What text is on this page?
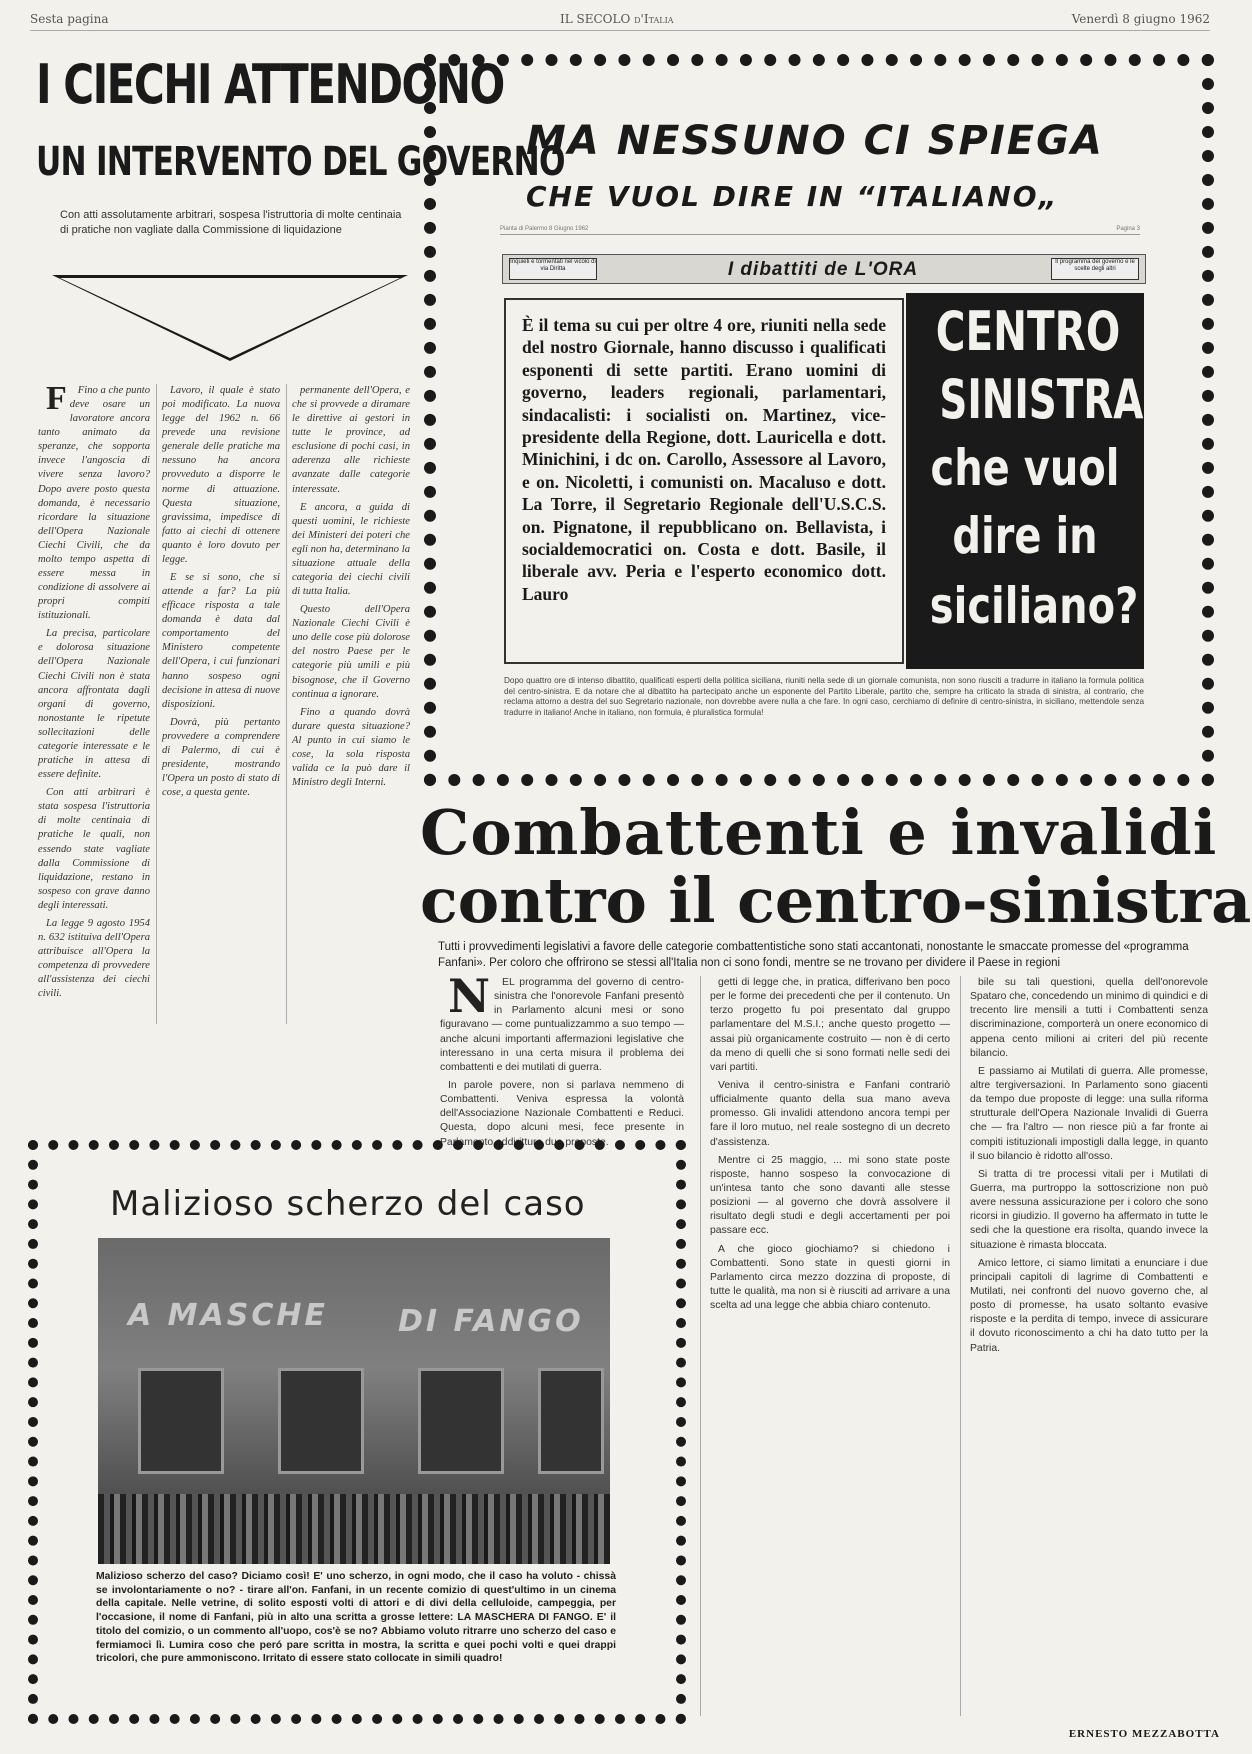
Sesta pagina	IL SECOLO d'Italia	Venerdì 8 giugno 1962
I CIECHI ATTENDONO
UN INTERVENTO DEL GOVERNO
Con atti assolutamente arbitrari, sospesa l'istruttoria di molte centinaia di pratiche non vagliate dalla Commissione di liquidazione

F Fino a che punto deve osare un lavoratore ancora tanto animato da speranze, che sopporta invece l'angoscia di vivere senza lavoro? Dopo avere posto questa domanda, è necessario ricordare la situazione dell'Opera Nazionale Ciechi Civili, che da molto tempo aspetta di essere messa in condizione di assolvere ai propri compiti istituzionali.

La precisa, particolare e dolorosa situazione dell'Opera Nazionale Ciechi Civili non è stata ancora affrontata dagli organi di governo, nonostante le ripetute sollecitazioni delle categorie interessate e le pratiche in attesa di essere definite.

Con atti arbitrari è stata sospesa l'istruttoria di molte centinaia di pratiche le quali, non essendo state vagliate dalla Commissione di liquidazione, restano in sospeso con grave danno degli interessati.

La legge 9 agosto 1954 n. 632 istituiva dell'Opera attribuisce all'Opera la competenza di provvedere all'assistenza dei ciechi civili.

Lavoro, il quale è stato poi modificato. La nuova legge del 1962 n. 66 prevede una revisione generale delle pratiche ma nessuno ha ancora provveduto a disporre le norme di attuazione. Questa situazione, gravissima, impedisce di fatto ai ciechi di ottenere quanto è loro dovuto per legge.

E se si sono, che si attende a far? La più efficace risposta a tale domanda è data dal comportamento del Ministero competente dell'Opera, i cui funzionari hanno sospeso ogni decisione in attesa di nuove disposizioni.

Dovrà, più pertanto provvedere a comprendere di Palermo, di cui è presidente, mostrando l'Opera un posto di stato di cose, a questa gente.

permanente dell'Opera, e che si provvede a diramare le direttive ai gestori in tutte le province, ad esclusione di pochi casi, in aderenza alle richieste avanzate dalle categorie interessate.

E ancora, a guida di questi uomini, le richieste dei Ministeri dei poteri che egli non ha, determinano la situazione attuale della categoria dei ciechi civili di tutta Italia.

Questo dell'Opera Nazionale Ciechi Civili è uno delle cose più dolorose del nostro Paese per le categorie più umili e più bisognose, che il Governo continua a ignorare.

Fino a quando dovrà durare questa situazione? Al punto in cui siamo le cose, la sola risposta valida ce la può dare il Ministro degli Interni.

MA NESSUNO CI SPIEGA
CHE VUOL DIRE IN “ITALIANO„
Pianta di Palermo 8 Giugno 1962	Pagina 3
Inquieti e tormentati nel vicolo di via Diritta	I dibattiti de L'ORA	Il programma del governo e le scelte degli altri
È il tema su cui per oltre 4 ore, riuniti nella sede del nostro Giornale, hanno discusso i qualificati esponenti di sette partiti. Erano uomini di governo, leaders regionali, parlamentari, sindacalisti: i socialisti on. Martinez, vice-presidente della Regione, dott. Lauricella e dott. Minichini, i dc on. Carollo, Assessore al Lavoro, e on. Nicoletti, i comunisti on. Macaluso e dott. La Torre, il Segretario Regionale dell'U.S.C.S. on. Pignatone, il repubblicano on. Bellavista, i socialdemocratici on. Costa e dott. Basile, il liberale avv. Peria e l'esperto economico dott. Lauro
CENTRO
SINISTRA
che vuol
dire in
siciliano?
Dopo quattro ore di intenso dibattito, qualificati esperti della politica siciliana, riuniti nella sede di un giornale comunista, non sono riusciti a tradurre in italiano la formula politica del centro-sinistra. E da notare che al dibattito ha partecipato anche un esponente del Partito Liberale, partito che, sempre ha criticato la strada di sinistra, al contrario, che reclama attorno a destra del suo Segretario nazionale, non dovrebbe avere nulla a che fare. In ogni caso, cerchiamo di definire di centro-sinistra, in siciliano, mettendole senza tradurre in italiano! Anche in italiano, non formula, è pluralistica formula!
Combattenti e invalidi
contro il centro-sinistra
Tutti i provvedimenti legislativi a favore delle categorie combattentistiche sono stati accantonati, nonostante le smaccate promesse del «programma Fanfani». Per coloro che offrirono se stessi all'Italia non ci sono fondi, mentre se ne trovano per dividere il Paese in regioni

N EL programma del governo di centro-sinistra che l'onorevole Fanfani presentò in Parlamento alcuni mesi or sono figuravano — come puntualizzammo a suo tempo — anche alcuni importanti affermazioni legislative che interessano in una certa misura il problema dei combattenti e dei mutilati di guerra.

In parole povere, non si parlava nemmeno di Combattenti. Veniva espressa la volontà dell'Associazione Nazionale Combattenti e Reduci. Questa, dopo alcuni mesi, fece presente in Parlamento addirittura due proposte.

getti di legge che, in pratica, differivano ben poco per le forme dei precedenti che per il contenuto. Un terzo progetto fu poi presentato dal gruppo parlamentare del M.S.I.; anche questo progetto — assai più organicamente costruito — non è di certo da meno di quelli che si sono formati nelle sedi dei vari partiti.

Veniva il centro-sinistra e Fanfani contrariò ufficialmente quanto della sua mano aveva promesso. Gli invalidi attendono ancora tempi per fare il loro mutuo, nel reale sostegno di un decreto d'assistenza.

Mentre ci 25 maggio, ... mi sono state poste risposte, hanno sospeso la convocazione di un'intesa tanto che sono davanti alle stesse posizioni — al governo che dovrà assolvere il risultato degli studi e degli accertamenti per poi passare ecc.

A che gioco giochiamo? si chiedono i Combattenti. Sono state in questi giorni in Parlamento circa mezzo dozzina di proposte, di tutte le qualità, ma non si è riusciti ad arrivare a una scelta ad una legge che abbia chiaro contenuto.

bile su tali questioni, quella dell'onorevole Spataro che, concedendo un minimo di quindici e di trecento lire mensili a tutti i Combattenti senza discriminazione, comporterà un onere economico di appena cento milioni ai criteri del più recente bilancio.

E passiamo ai Mutilati di guerra. Alle promesse, altre tergiversazioni. In Parlamento sono giacenti da tempo due proposte di legge: una sulla riforma strutturale dell'Opera Nazionale Invalidi di Guerra che — fra l'altro — non riesce più a far fronte ai compiti istituzionali impostigli dalla legge, in quanto il suo bilancio è ridotto all'osso.

Si tratta di tre processi vitali per i Mutilati di Guerra, ma purtroppo la sottoscrizione non può avere nessuna assicurazione per i coloro che sono ricorsi in giudizio. Il governo ha affermato in tutte le sedi che la questione era risolta, quando invece la situazione è rimasta bloccata.

Amico lettore, ci siamo limitati a enunciare i due principali capitoli di lagrime di Combattenti e Mutilati, nei confronti del nuovo governo che, al posto di promesse, ha usato soltanto evasive risposte e la perdita di tempo, invece di assicurare il dovuto riconoscimento a chi ha dato tutto per la Patria.

ERNESTO MEZZABOTTA
Malizioso scherzo del caso
A MASCHE DI FANGO
Malizioso scherzo del caso? Diciamo così! E' uno scherzo, in ogni modo, che il caso ha voluto - chissà se involontariamente o no? - tirare all'on. Fanfani, in un recente comizio di quest'ultimo in un cinema della capitale. Nelle vetrine, di solito esposti volti di attori e di divi della celluloide, campeggia, per l'occasione, il nome di Fanfani, più in alto una scritta a grosse lettere: LA MASCHERA DI FANGO. E' il titolo del comizio, o un commento all'uopo, cos'è se no? Abbiamo voluto ritrarre uno scherzo del caso e fermiamoci lì. Lumira coso che peró pare scritta in mostra, la scritta e quei pochi volti e quei drappi tricolori, che pure ammoniscono. Irritato di essere stato collocate in simili quadro!
